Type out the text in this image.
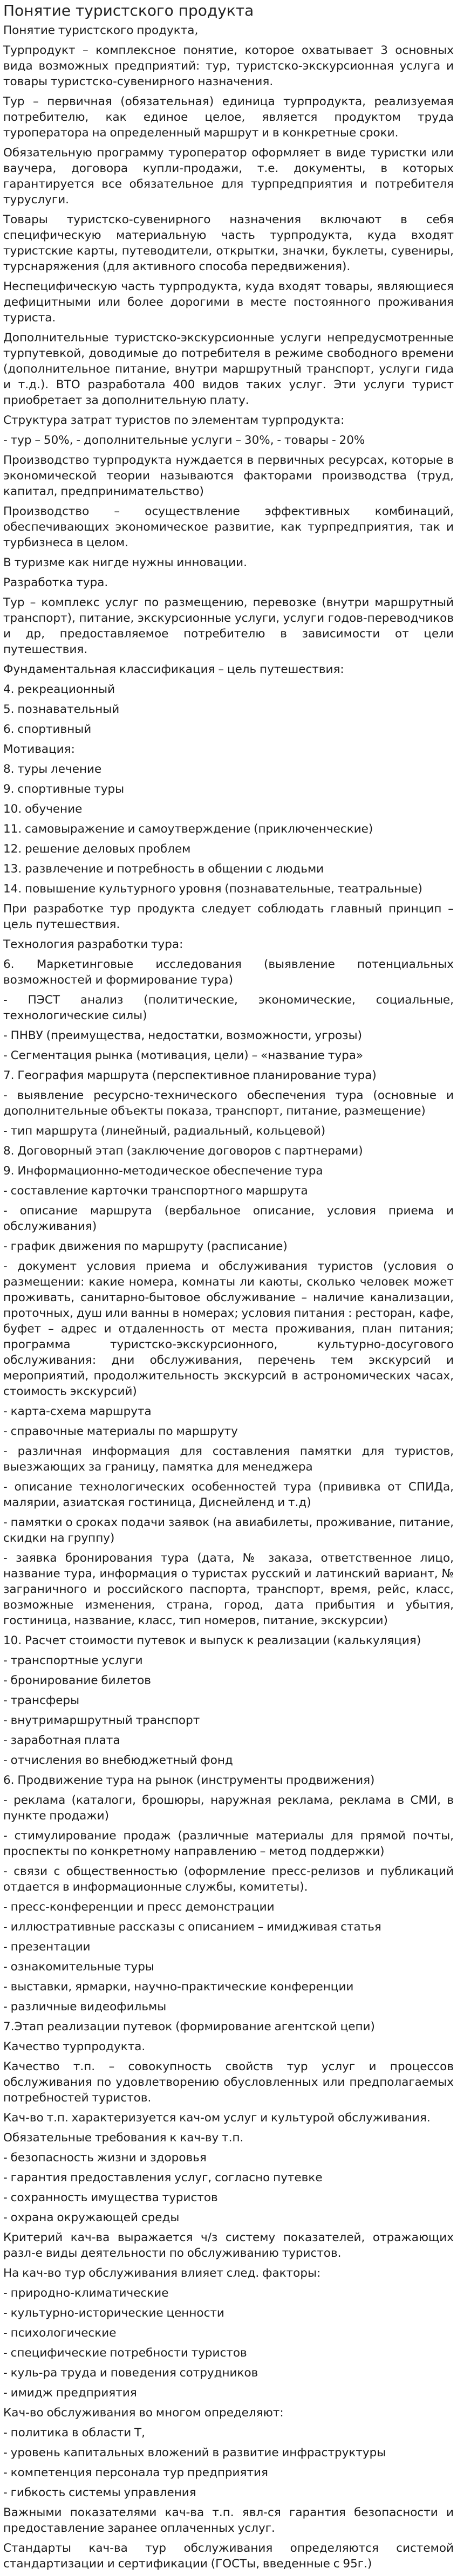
Понятие туристского продукта
Понятие туристского продукта,
Турпродукт – комплексное понятие, которое охватывает 3 основных вида возможных предприятий: тур, туристско-экскурсионная услуга и товары туристско-сувенирного назначения.
Тур – первичная (обязательная) единица турпродукта, реализуемая потребителю, как единое целое, является продуктом труда туроператора на определенный маршрут и в конкретные сроки.
Обязательную программу туроператор оформляет в виде туристки или ваучера, договора купли-продажи, т.е. документы, в которых гарантируется все обязательное для турпредприятия и потребителя туруслуги.
Товары туристско-сувенирного назначения включают в себя специфическую материальную часть турпродукта, куда входят туристские карты, путеводители, открытки, значки, буклеты, сувениры, турснаряжения (для активного способа передвижения).
Неспецифическую часть турпродукта, куда входят товары, являющиеся дефицитными или более дорогими в месте постоянного проживания туриста.
Дополнительные туристско-экскурсионные услуги непредусмотренные турпутевкой, доводимые до потребителя в режиме свободного времени (дополнительное питание, внутри маршрутный транспорт, услуги гида и т.д.). ВТО разработала 400 видов таких услуг. Эти услуги турист приобретает за дополнительную плату.
Структура затрат туристов по элементам турпродукта:
- тур – 50%, - дополнительные услуги – 30%, - товары - 20%
Производство турпродукта нуждается в первичных ресурсах, которые в экономической теории называются факторами производства (труд, капитал, предпринимательство)
Производство – осуществление эффективных комбинаций, обеспечивающих экономическое развитие, как турпредприятия, так и турбизнеса в целом.
В туризме как нигде нужны инновации.
Разработка тура.
Тур – комплекс услуг по размещению, перевозке (внутри маршрутный транспорт), питание, экскурсионные услуги, услуги годов-переводчиков и др, предоставляемое потребителю в зависимости от цели путешествия.
Фундаментальная классификация – цель путешествия:
4. рекреационный
5. познавательный
6. спортивный
Мотивация:
8. туры лечение
9. спортивные туры
10. обучение
11. самовыражение и самоутверждение (приключенческие)
12. решение деловых проблем
13. развлечение и потребность в общении с людьми
14. повышение культурного уровня (познавательные, театральные)
При разработке тур продукта следует соблюдать главный принцип – цель путешествия.
Технология разработки тура:
6. Маркетинговые исследования (выявление потенциальных возможностей и формирование тура)
- ПЭСТ анализ (политические, экономические, социальные, технологические силы)
- ПНВУ (преимущества, недостатки, возможности, угрозы)
- Сегментация рынка (мотивация, цели) – «название тура»
7. География маршрута (перспективное планирование тура)
- выявление ресурсно-технического обеспечения тура (основные и дополнительные объекты показа, транспорт, питание, размещение)
- тип маршрута (линейный, радиальный, кольцевой)
8. Договорный этап (заключение договоров с партнерами)
9. Информационно-методическое обеспечение тура
- составление карточки транспортного маршрута
- описание маршрута (вербальное описание, условия приема и обслуживания)
- график движения по маршруту (расписание)
- документ условия приема и обслуживания туристов (условия о размещении: какие номера, комнаты ли каюты, сколько человек может проживать, санитарно-бытовое обслуживание – наличие канализации, проточных, душ или ванны в номерах; условия питания : ресторан, кафе, буфет – адрес и отдаленность от места проживания, план питания; программа туристско-экскурсионного, культурно-досугового обслуживания: дни обслуживания, перечень тем экскурсий и мероприятий, продолжительность экскурсий в астрономических часах, стоимость экскурсий)
- карта-схема маршрута
- справочные материалы по маршруту
- различная информация для составления памятки для туристов, выезжающих за границу, памятка для менеджера
- описание технологических особенностей тура (прививка от СПИДа, малярии, азиатская гостиница, Диснейленд и т.д)
- памятки о сроках подачи заявок (на авиабилеты, проживание, питание, скидки на группу)
- заявка бронирования тура (дата, № заказа, ответственное лицо, название тура, информация о туристах русский и латинский вариант, № заграничного и российского паспорта, транспорт, время, рейс, класс, возможные изменения, страна, город, дата прибытия и убытия, гостиница, название, класс, тип номеров, питание, экскурсии)
10. Расчет стоимости путевок и выпуск к реализации (калькуляция)
- транспортные услуги
- бронирование билетов
- трансферы
- внутримаршрутный транспорт
- заработная плата
- отчисления во внебюджетный фонд
6. Продвижение тура на рынок (инструменты продвижения)
- реклама (каталоги, брошюры, наружная реклама, реклама в СМИ, в пункте продажи)
- стимулирование продаж (различные материалы для прямой почты, проспекты по конкретному направлению – метод поддержки)
- связи с общественностью (оформление пресс-релизов и публикаций отдается в информационные службы, комитеты).
- пресс-конференции и пресс демонстрации
- иллюстративные рассказы с описанием – имидживая статья
- презентации
- ознакомительные туры
- выставки, ярмарки, научно-практические конференции
- различные видеофильмы
7.Этап реализации путевок (формирование агентской цепи)
Качество турпродукта.
Качество т.п. – совокупность свойств тур услуг и процессов обслуживания по удовлетворению обусловленных или предполагаемых потребностей туристов.
Кач-во т.п. характеризуется кач-ом услуг и культурой обслуживания.
Обязательные требования к кач-ву т.п.
- безопасность жизни и здоровья
- гарантия предоставления услуг, согласно путевке
- сохранность имущества туристов
- охрана окружающей среды
Критерий кач-ва выражается ч/з систему показателей, отражающих разл-е виды деятельности по обслуживанию туристов.
На кач-во тур обслуживания влияет след. факторы:
- природно-климатические
- культурно-исторические ценности
- психологические
- специфические потребности туристов
- куль-ра труда и поведения сотрудников
- имидж предприятия
Кач-во обслуживания во многом определяют:
- политика в области Т,
- уровень капитальных вложений в развитие инфраструктуры
- компетенция персонала тур предприятия
- гибкость системы управления
Важными показателями кач-ва т.п. явл-ся гарантия безопасности и предоставление заранее оплаченных услуг.
Стандарты кач-ва тур обслуживания определяются системой стандартизации и сертификации (ГОСТы, введенные с 95г.)
